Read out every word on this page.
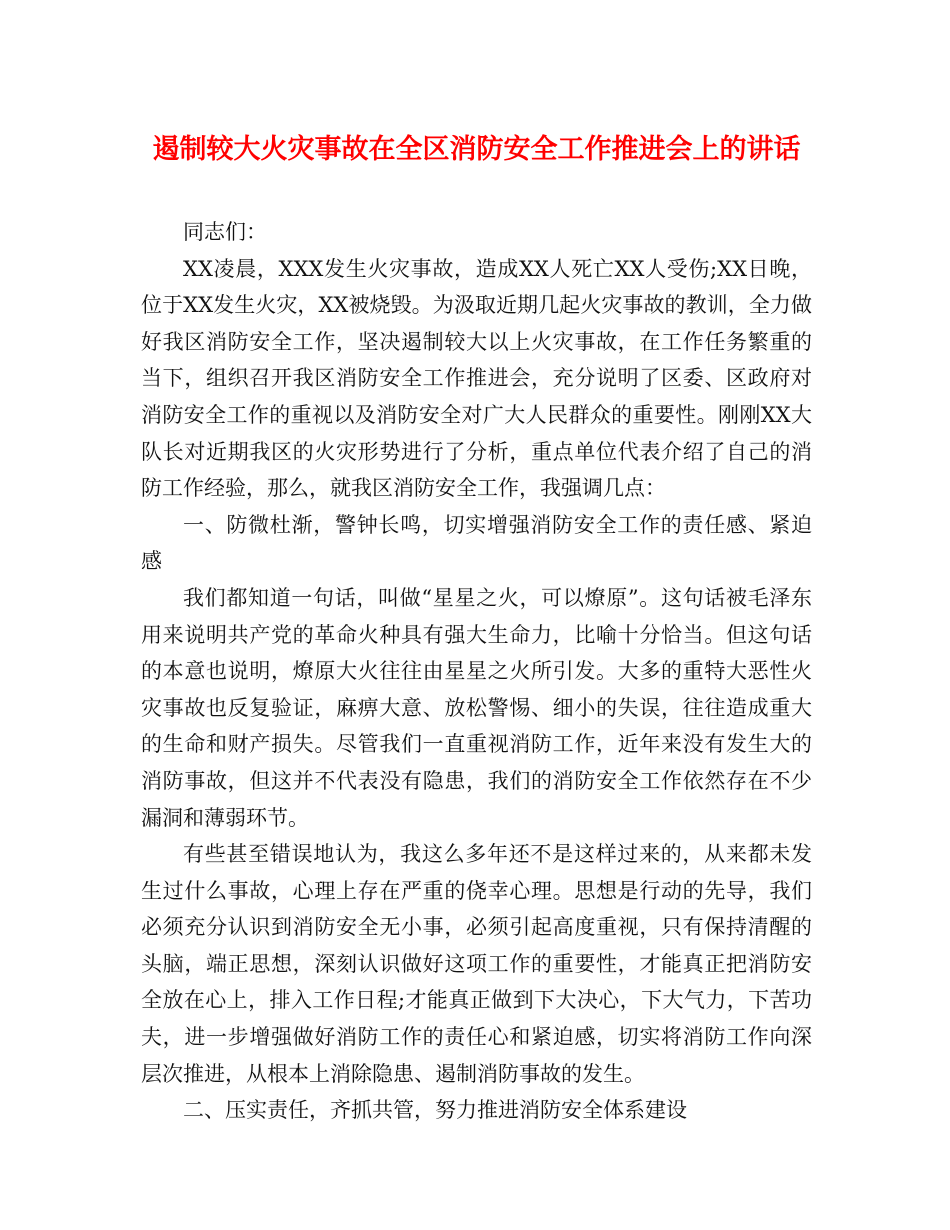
遏制较大火灾事故在全区消防安全工作推进会上的讲话

同志们：

XX凌晨，XXX发生火灾事故，造成XX人死亡XX人受伤;XX日晚，位于XX发生火灾，XX被烧毁。为汲取近期几起火灾事故的教训，全力做好我区消防安全工作，坚决遏制较大以上火灾事故，在工作任务繁重的当下，组织召开我区消防安全工作推进会，充分说明了区委、区政府对消防安全工作的重视以及消防安全对广大人民群众的重要性。刚刚XX大队长对近期我区的火灾形势进行了分析，重点单位代表介绍了自己的消防工作经验，那么，就我区消防安全工作，我强调几点：

一、防微杜渐，警钟长鸣，切实增强消防安全工作的责任感、紧迫感

我们都知道一句话，叫做“星星之火，可以燎原”。这句话被毛泽东用来说明共产党的革命火种具有强大生命力，比喻十分恰当。但这句话的本意也说明，燎原大火往往由星星之火所引发。大多的重特大恶性火灾事故也反复验证，麻痹大意、放松警惕、细小的失误，往往造成重大的生命和财产损失。尽管我们一直重视消防工作，近年来没有发生大的消防事故，但这并不代表没有隐患，我们的消防安全工作依然存在不少漏洞和薄弱环节。

有些甚至错误地认为，我这么多年还不是这样过来的，从来都未发生过什么事故，心理上存在严重的侥幸心理。思想是行动的先导，我们必须充分认识到消防安全无小事，必须引起高度重视，只有保持清醒的头脑，端正思想，深刻认识做好这项工作的重要性，才能真正把消防安全放在心上，排入工作日程;才能真正做到下大决心，下大气力，下苦功夫，进一步增强做好消防工作的责任心和紧迫感，切实将消防工作向深层次推进，从根本上消除隐患、遏制消防事故的发生。

二、压实责任，齐抓共管，努力推进消防安全体系建设
